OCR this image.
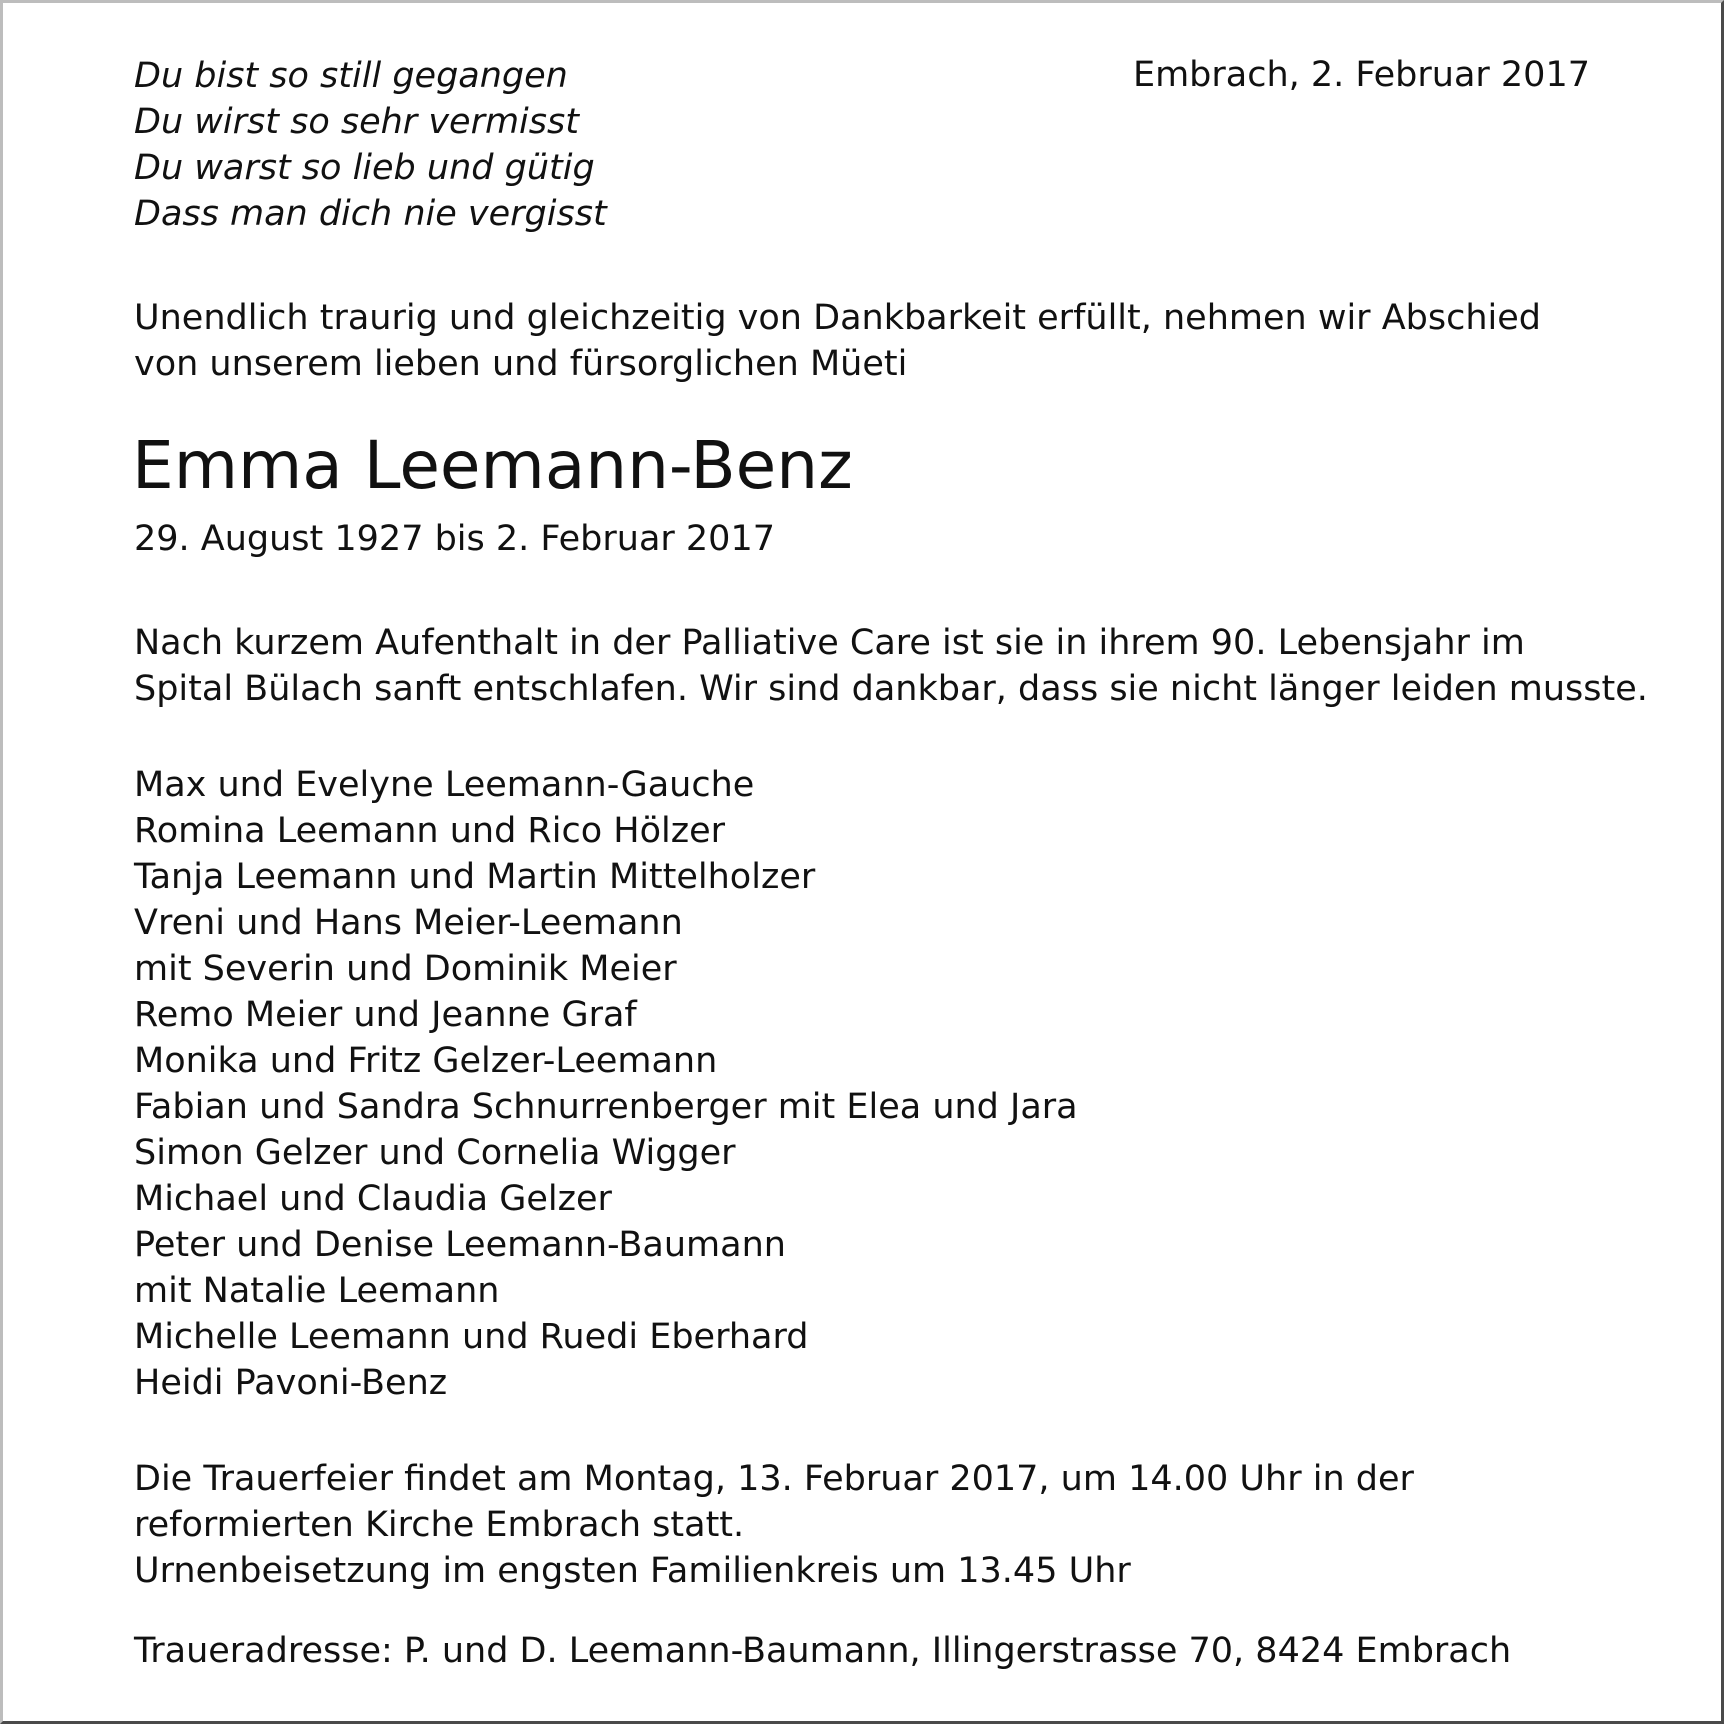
Du bist so still gegangen
Du wirst so sehr vermisst
Du warst so lieb und gütig
Dass man dich nie vergisst
Embrach, 2. Februar 2017
Unendlich traurig und gleichzeitig von Dankbarkeit erfüllt, nehmen wir Abschied
von unserem lieben und fürsorglichen Müeti
Emma Leemann-Benz
29. August 1927 bis 2. Februar 2017
Nach kurzem Aufenthalt in der Palliative Care ist sie in ihrem 90. Lebensjahr im
Spital Bülach sanft entschlafen. Wir sind dankbar, dass sie nicht länger leiden musste.
Max und Evelyne Leemann-Gauche
Romina Leemann und Rico Hölzer
Tanja Leemann und Martin Mittelholzer
Vreni und Hans Meier-Leemann
mit Severin und Dominik Meier
Remo Meier und Jeanne Graf
Monika und Fritz Gelzer-Leemann
Fabian und Sandra Schnurrenberger mit Elea und Jara
Simon Gelzer und Cornelia Wigger
Michael und Claudia Gelzer
Peter und Denise Leemann-Baumann
mit Natalie Leemann
Michelle Leemann und Ruedi Eberhard
Heidi Pavoni-Benz
Die Trauerfeier findet am Montag, 13. Februar 2017, um 14.00 Uhr in der
reformierten Kirche Embrach statt.
Urnenbeisetzung im engsten Familienkreis um 13.45 Uhr
Traueradresse: P. und D. Leemann-Baumann, Illingerstrasse 70, 8424 Embrach
